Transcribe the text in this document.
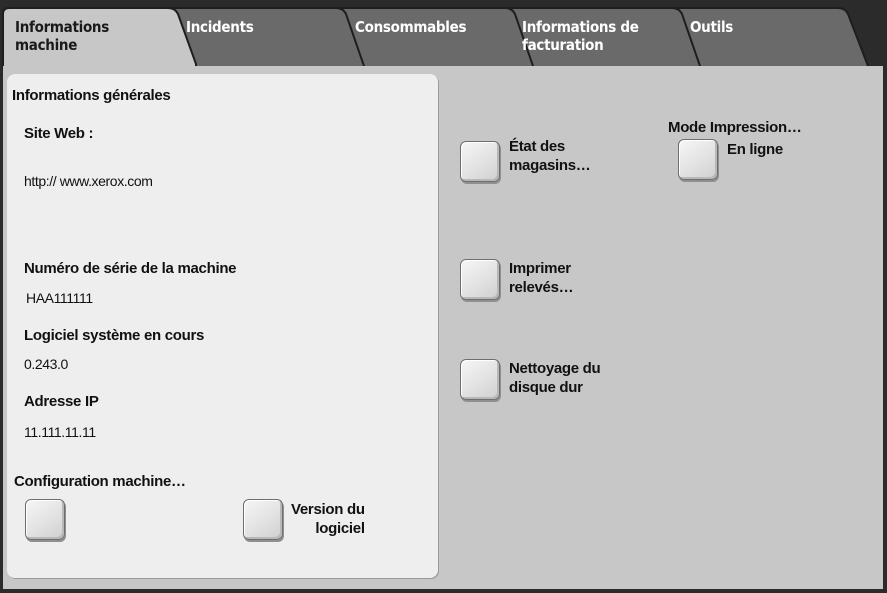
Informations
machine
Incidents	Consommables	Informations de
facturation
Outils
Informations générales
Site Web :
http:// www.xerox.com
Numéro de série de la machine
HAA111111
Logiciel système en cours
0.243.0
Adresse IP
11.111.11.11
Configuration machine…
Version du
logiciel
État des
magasins…
Imprimer
relevés…
Nettoyage du
disque dur
Mode Impression…
En ligne
